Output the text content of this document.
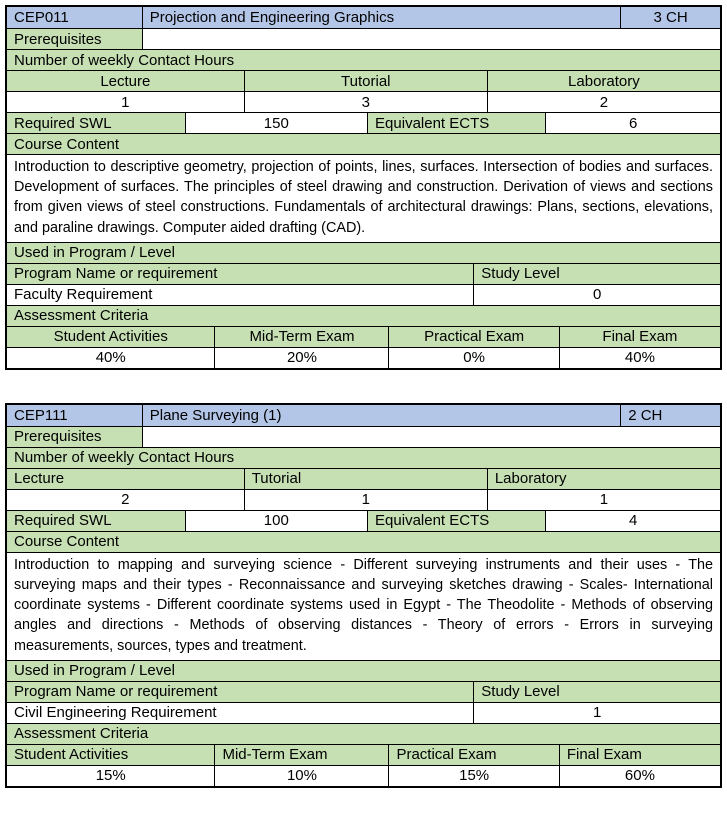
CEP011	Projection and Engineering Graphics	3 CH
Prerequisites
Number of weekly Contact Hours
Lecture	Tutorial	Laboratory
1	3	2
Required SWL	150	Equivalent ECTS	6
Course Content
Introduction to descriptive geometry, projection of points, lines, surfaces. Intersection of bodies and surfaces. Development of surfaces. The principles of steel drawing and construction. Derivation of views and sections from given views of steel constructions. Fundamentals of architectural drawings: Plans, sections, elevations, and paraline drawings. Computer aided drafting (CAD).
Used in Program / Level
Program Name or requirement	Study Level
Faculty Requirement	0
Assessment Criteria
Student Activities	Mid-Term Exam	Practical Exam	Final Exam
40%	20%	0%	40%
CEP111	Plane Surveying (1)	2 CH
Prerequisites
Number of weekly Contact Hours
Lecture	Tutorial	Laboratory
2	1	1
Required SWL	100	Equivalent ECTS	4
Course Content
Introduction to mapping and surveying science - Different surveying instruments and their uses - The surveying maps and their types - Reconnaissance and surveying sketches drawing - Scales- International coordinate systems - Different coordinate systems used in Egypt - The Theodolite - Methods of observing angles and directions - Methods of observing distances - Theory of errors - Errors in surveying measurements, sources, types and treatment.
Used in Program / Level
Program Name or requirement	Study Level
Civil Engineering Requirement	1
Assessment Criteria
Student Activities	Mid-Term Exam	Practical Exam	Final Exam
15%	10%	15%	60%
